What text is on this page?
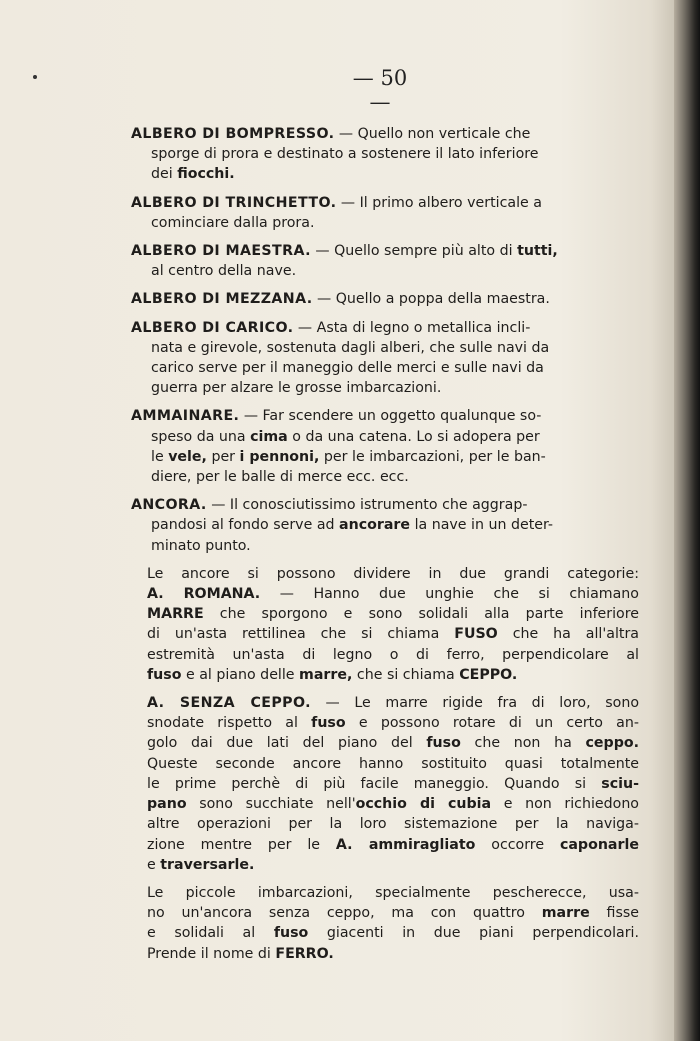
— 50 —
ALBERO DI BOMPRESSO. — Quello non verticale che
sporge di prora e destinato a sostenere il lato inferiore
dei fiocchi.
ALBERO DI TRINCHETTO. — Il primo albero verticale a
cominciare dalla prora.
ALBERO DI MAESTRA. — Quello sempre più alto di tutti,
al centro della nave.
ALBERO DI MEZZANA. — Quello a poppa della maestra.
ALBERO DI CARICO. — Asta di legno o metallica incli-
nata e girevole, sostenuta dagli alberi, che sulle navi da
carico serve per il maneggio delle merci e sulle navi da
guerra per alzare le grosse imbarcazioni.
AMMAINARE. — Far scendere un oggetto qualunque so-
speso da una cima o da una catena. Lo si adopera per
le vele, per i pennoni, per le imbarcazioni, per le ban-
diere, per le balle di merce ecc. ecc.
ANCORA. — Il conosciutissimo istrumento che aggrap-
pandosi al fondo serve ad ancorare la nave in un deter-
minato punto.
Le ancore si possono dividere in due grandi categorie:
A. ROMANA. — Hanno due unghie che si chiamano
MARRE che sporgono e sono solidali alla parte inferiore
di un'asta rettilinea che si chiama FUSO che ha all'altra
estremità un'asta di legno o di ferro, perpendicolare al
fuso e al piano delle marre, che si chiama CEPPO.
A. SENZA CEPPO. — Le marre rigide fra di loro, sono
snodate rispetto al fuso e possono rotare di un certo an-
golo dai due lati del piano del fuso che non ha ceppo.
Queste seconde ancore hanno sostituito quasi totalmente
le prime perchè di più facile maneggio. Quando si sciu-
pano sono succhiate nell'occhio di cubia e non richiedono
altre operazioni per la loro sistemazione per la naviga-
zione mentre per le A. ammiragliato occorre caponarle
e traversarle.
Le piccole imbarcazioni, specialmente pescherecce, usa-
no un'ancora senza ceppo, ma con quattro marre fisse
e solidali al fuso giacenti in due piani perpendicolari.
Prende il nome di FERRO.
